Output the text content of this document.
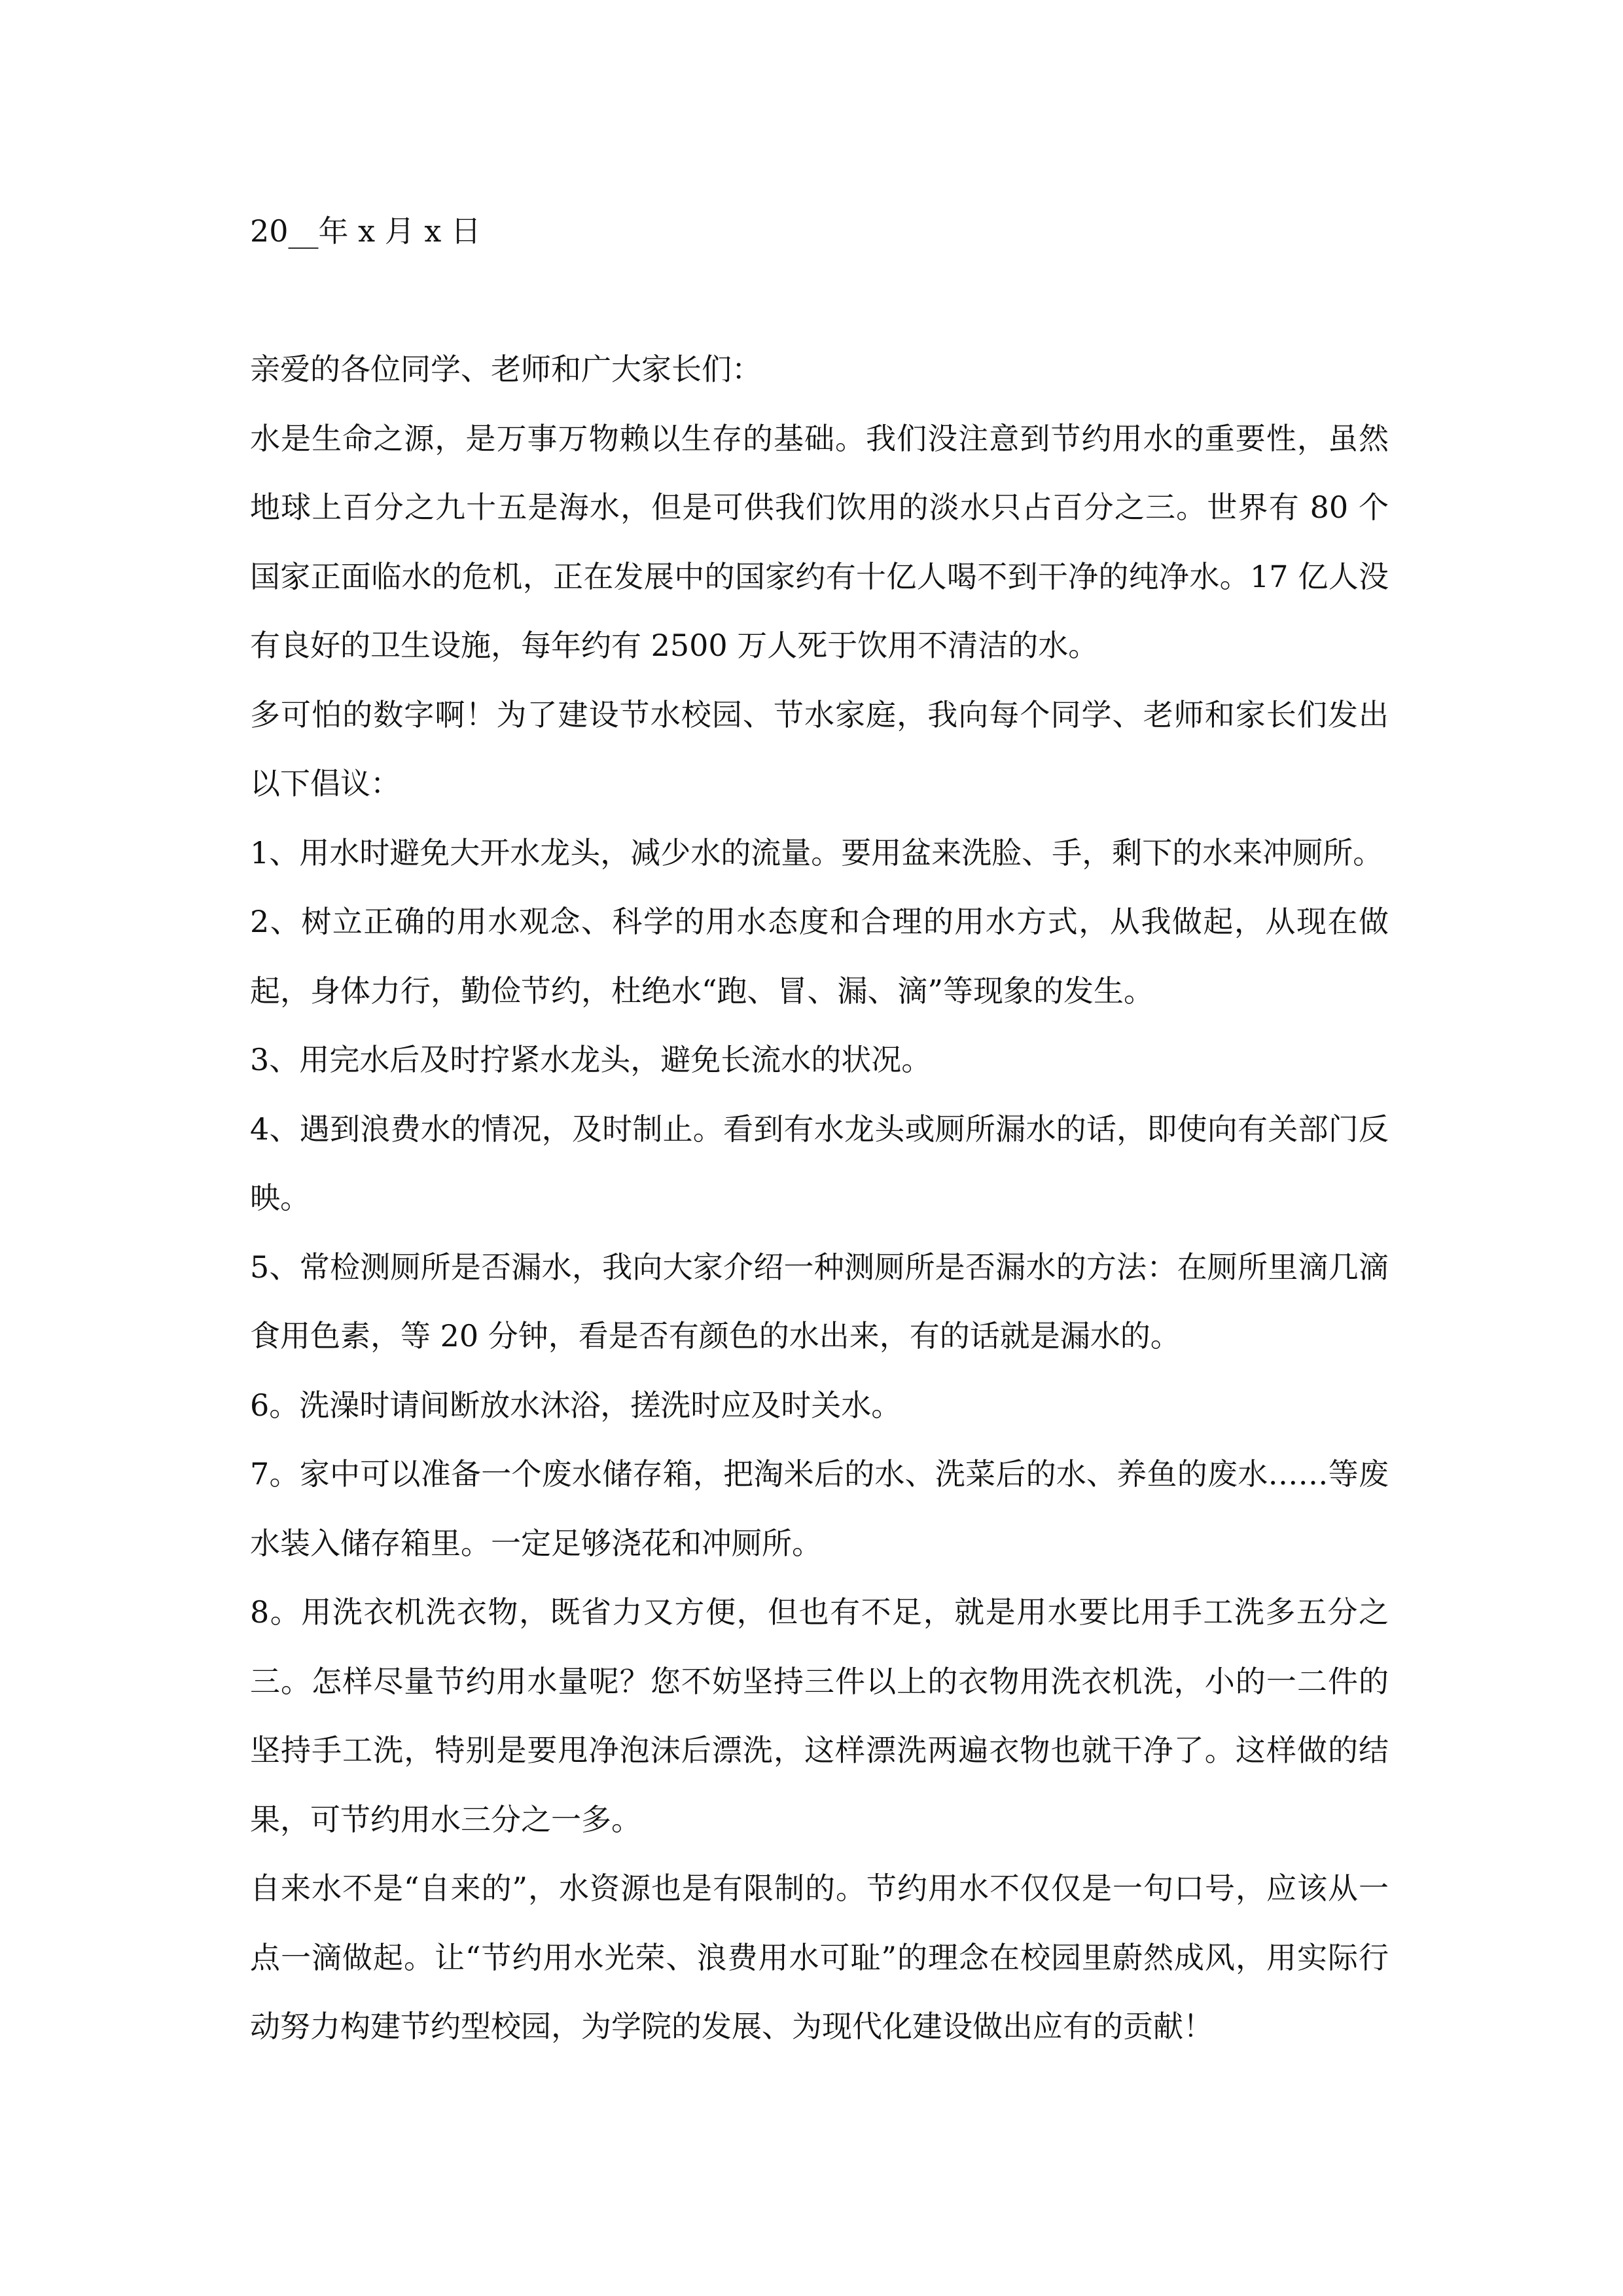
20__年 x 月 x 日

亲爱的各位同学、老师和广大家长们：

水是生命之源，是万事万物赖以生存的基础。我们没注意到节约用水的重要性，虽然地球上百分之九十五是海水，但是可供我们饮用的淡水只占百分之三。世界有 80 个国家正面临水的危机，正在发展中的国家约有十亿人喝不到干净的纯净水。17 亿人没有良好的卫生设施，每年约有 2500 万人死于饮用不清洁的水。

多可怕的数字啊！为了建设节水校园、节水家庭，我向每个同学、老师和家长们发出以下倡议：

1、用水时避免大开水龙头，减少水的流量。要用盆来洗脸、手，剩下的水来冲厕所。

2、树立正确的用水观念、科学的用水态度和合理的用水方式，从我做起，从现在做起，身体力行，勤俭节约，杜绝水“跑、冒、漏、滴”等现象的发生。

3、用完水后及时拧紧水龙头，避免长流水的状况。

4、遇到浪费水的情况，及时制止。看到有水龙头或厕所漏水的话，即使向有关部门反映。

5、常检测厕所是否漏水，我向大家介绍一种测厕所是否漏水的方法：在厕所里滴几滴食用色素，等 20 分钟，看是否有颜色的水出来，有的话就是漏水的。

6。洗澡时请间断放水沐浴，搓洗时应及时关水。

7。家中可以准备一个废水储存箱，把淘米后的水、洗菜后的水、养鱼的废水……等废水装入储存箱里。一定足够浇花和冲厕所。

8。用洗衣机洗衣物，既省力又方便，但也有不足，就是用水要比用手工洗多五分之三。怎样尽量节约用水量呢？您不妨坚持三件以上的衣物用洗衣机洗，小的一二件的坚持手工洗，特别是要甩净泡沫后漂洗，这样漂洗两遍衣物也就干净了。这样做的结果，可节约用水三分之一多。

自来水不是“自来的”，水资源也是有限制的。节约用水不仅仅是一句口号，应该从一点一滴做起。让“节约用水光荣、浪费用水可耻”的理念在校园里蔚然成风，用实际行动努力构建节约型校园，为学院的发展、为现代化建设做出应有的贡献！
